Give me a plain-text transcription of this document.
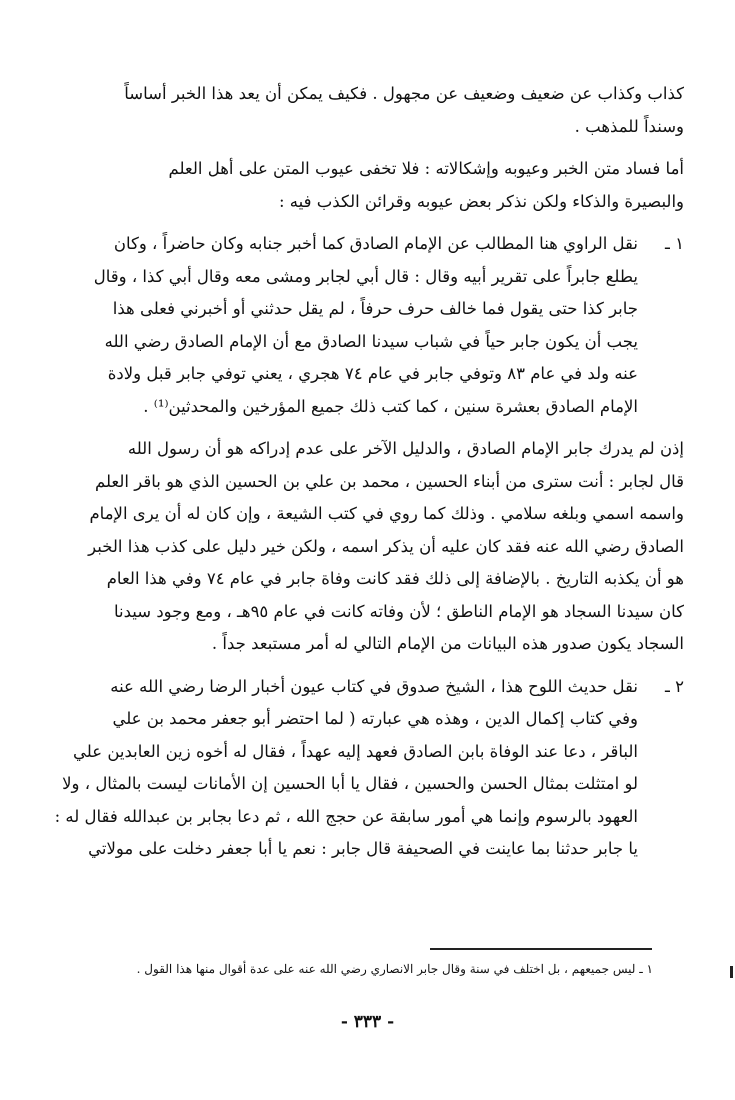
كذاب وكذاب عن ضعيف وضعيف عن مجهول . فكيف يمكن أن يعد هذا الخبر أساساً
وسنداً للمذهب .
أما فساد متن الخبر وعيوبه وإشكالاته : فلا تخفى عيوب المتن على أهل العلم
والبصيرة والذكاء ولكن نذكر بعض عيوبه وقرائن الكذب فيه :
١ ـ
نقل الراوي هنا المطالب عن الإمام الصادق كما أخبر جنابه وكان حاضراً ، وكان
يطلع جابراً على تقرير أبيه وقال : قال أبي لجابر ومشى معه وقال أبي كذا ، وقال
جابر كذا حتى يقول فما خالف حرف حرفاً ، لم يقل حدثني أو أخبرني فعلى هذا
يجب أن يكون جابر حياً في شباب سيدنا الصادق مع أن الإمام الصادق رضي الله
عنه ولد في عام ٨٣ وتوفي جابر في عام ٧٤ هجري ، يعني توفي جابر قبل ولادة
الإمام الصادق بعشرة سنين ، كما كتب ذلك جميع المؤرخين والمحدثين⁽¹⁾ .
إذن لم يدرك جابر الإمام الصادق ، والدليل الآخر على عدم إدراكه هو أن رسول الله
قال لجابر : أنت سترى من أبناء الحسين ، محمد بن علي بن الحسين الذي هو باقر العلم
واسمه اسمي وبلغه سلامي . وذلك كما روي في كتب الشيعة ، وإن كان له أن يرى الإمام
الصادق رضي الله عنه فقد كان عليه أن يذكر اسمه ، ولكن خير دليل على كذب هذا الخبر
هو أن يكذبه التاريخ . بالإضافة إلى ذلك فقد كانت وفاة جابر في عام ٧٤ وفي هذا العام
كان سيدنا السجاد هو الإمام الناطق ؛ لأن وفاته كانت في عام ٩٥هـ ، ومع وجود سيدنا
السجاد يكون صدور هذه البيانات من الإمام التالي له أمر مستبعد جداً .
٢ ـ
نقل حديث اللوح هذا ، الشيخ صدوق في كتاب عيون أخبار الرضا رضي الله عنه
وفي كتاب إكمال الدين ، وهذه هي عبارته ( لما احتضر أبو جعفر محمد بن علي
الباقر ، دعا عند الوفاة بابن الصادق فعهد إليه عهداً ، فقال له أخوه زين العابدين علي
لو امتثلت بمثال الحسن والحسين ، فقال يا أبا الحسين إن الأمانات ليست بالمثال ، ولا
العهود بالرسوم وإنما هي أمور سابقة عن حجج الله ، ثم دعا بجابر بن عبدالله فقال له :
يا جابر حدثنا بما عاينت في الصحيفة قال جابر : نعم يا أبا جعفر دخلت على مولاتي
١ ـ ليس جميعهم ، بل اختلف في سنة وقال جابر الانصاري رضي الله عنه على عدة أقوال منها هذا القول .
- ٣٣٣ -
